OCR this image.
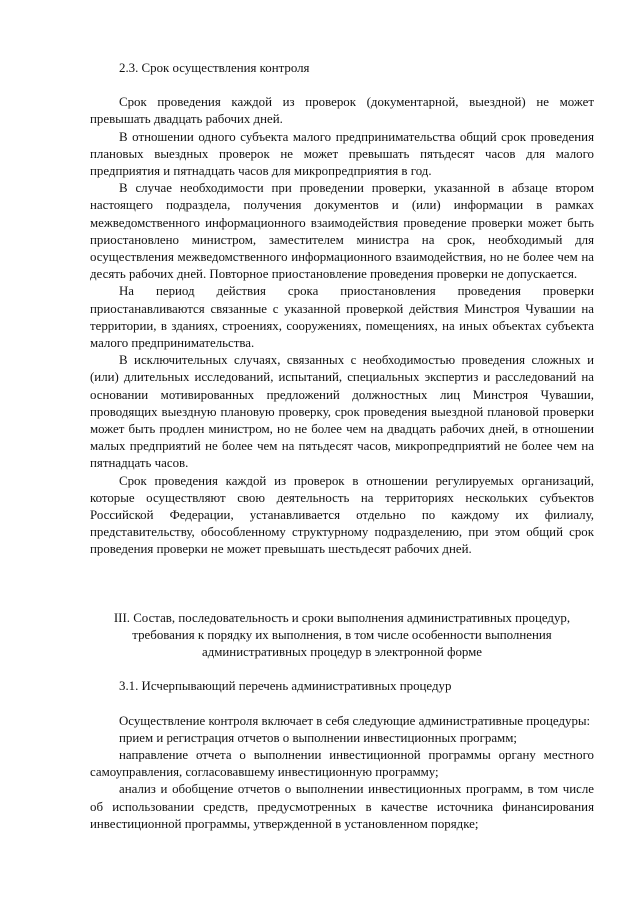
2.3. Срок осуществления контроля

Срок проведения каждой из проверок (документарной, выездной) не может превышать двадцать рабочих дней.

В отношении одного субъекта малого предпринимательства общий срок проведения плановых выездных проверок не может превышать пятьдесят часов для малого предприятия и пятнадцать часов для микропредприятия в год.

В случае необходимости при проведении проверки, указанной в абзаце втором настоящего подраздела, получения документов и (или) информации в рамках межведомственного информационного взаимодействия проведение проверки может быть приостановлено министром, заместителем министра на срок, необходимый для осуществления межведомственного информационного взаимодействия, но не более чем на десять рабочих дней. Повторное приостановление проведения проверки не допускается.

На период действия срока приостановления проведения проверки приостанавливаются связанные с указанной проверкой действия Минстроя Чувашии на территории, в зданиях, строениях, сооружениях, помещениях, на иных объектах субъекта малого предпринимательства.

В исключительных случаях, связанных с необходимостью проведения сложных и (или) длительных исследований, испытаний, специальных экспертиз и расследований на основании мотивированных предложений должностных лиц Минстроя Чувашии, проводящих выездную плановую проверку, срок проведения выездной плановой проверки может быть продлен министром, но не более чем на двадцать рабочих дней, в отношении малых предприятий не более чем на пятьдесят часов, микропредприятий не более чем на пятнадцать часов.

Срок проведения каждой из проверок в отношении регулируемых организаций, которые осуществляют свою деятельность на территориях нескольких субъектов Российской Федерации, устанавливается отдельно по каждому их филиалу, представительству, обособленному структурному подразделению, при этом общий срок проведения проверки не может превышать шестьдесят рабочих дней.

III. Состав, последовательность и сроки выполнения административных процедур,

требования к порядку их выполнения, в том числе особенности выполнения

административных процедур в электронной форме

3.1. Исчерпывающий перечень административных процедур

Осуществление контроля включает в себя следующие административные процедуры:

прием и регистрация отчетов о выполнении инвестиционных программ;

направление отчета о выполнении инвестиционной программы органу местного самоуправления, согласовавшему инвестиционную программу;

анализ и обобщение отчетов о выполнении инвестиционных программ, в том числе об использовании средств, предусмотренных в качестве источника финансирования инвестиционной программы, утвержденной в установленном порядке;
